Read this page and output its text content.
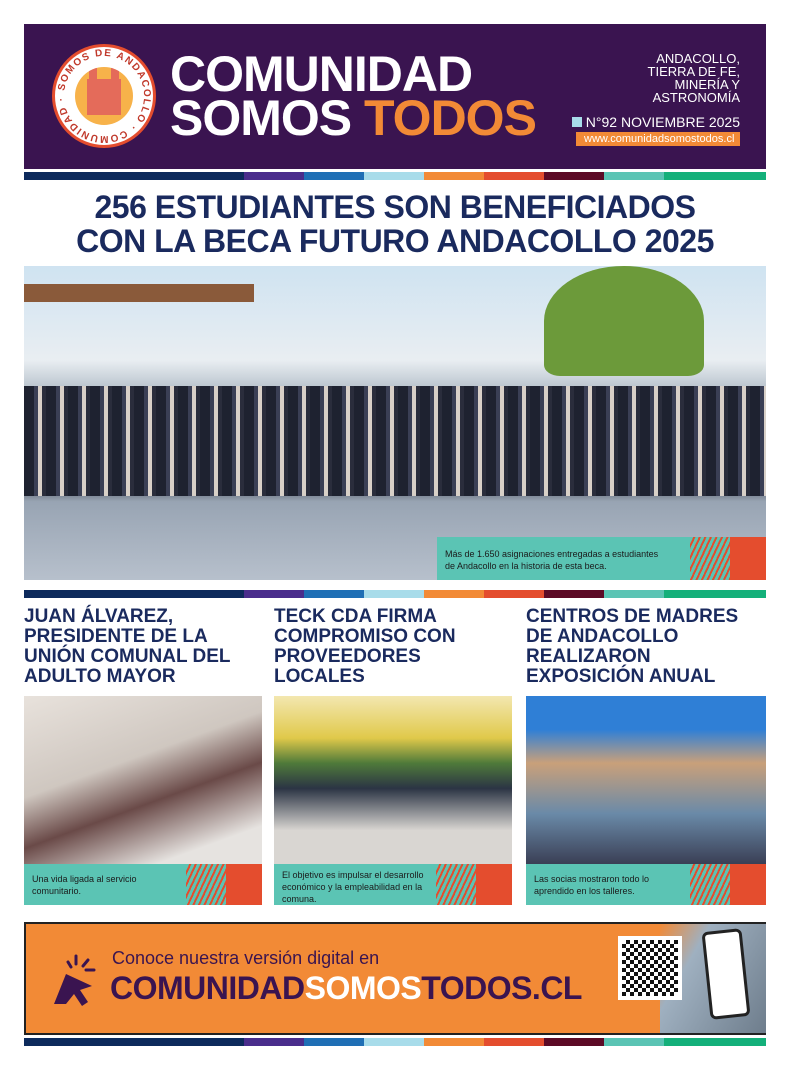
SOMOS DE ANDACOLLO · COMUNIDAD ·	COMUNIDAD
SOMOS TODOS
ANDACOLLO,
TIERRA DE FE,
MINERÍA Y
ASTRONOMÍA
N°92 NOVIEMBRE 2025
www.comunidadsomostodos.cl
256 ESTUDIANTES SON BENEFICIADOS
CON LA BECA FUTURO ANDACOLLO 2025
Más de 1.650 asignaciones entregadas a estudiantes de Andacollo en la historia de esta beca.
JUAN ÁLVAREZ, PRESIDENTE DE LA UNIÓN COMUNAL DEL ADULTO MAYOR
TECK CDA FIRMA COMPROMISO CON PROVEEDORES LOCALES
CENTROS DE MADRES DE ANDACOLLO REALIZARON EXPOSICIÓN ANUAL
Una vida ligada al servicio comunitario.
El objetivo es impulsar el desarrollo económico y la empleabilidad en la comuna.
Las socias mostraron todo lo aprendido en los talleres.
Conoce nuestra versión digital en
COMUNIDADSOMOSTODOS.CL
